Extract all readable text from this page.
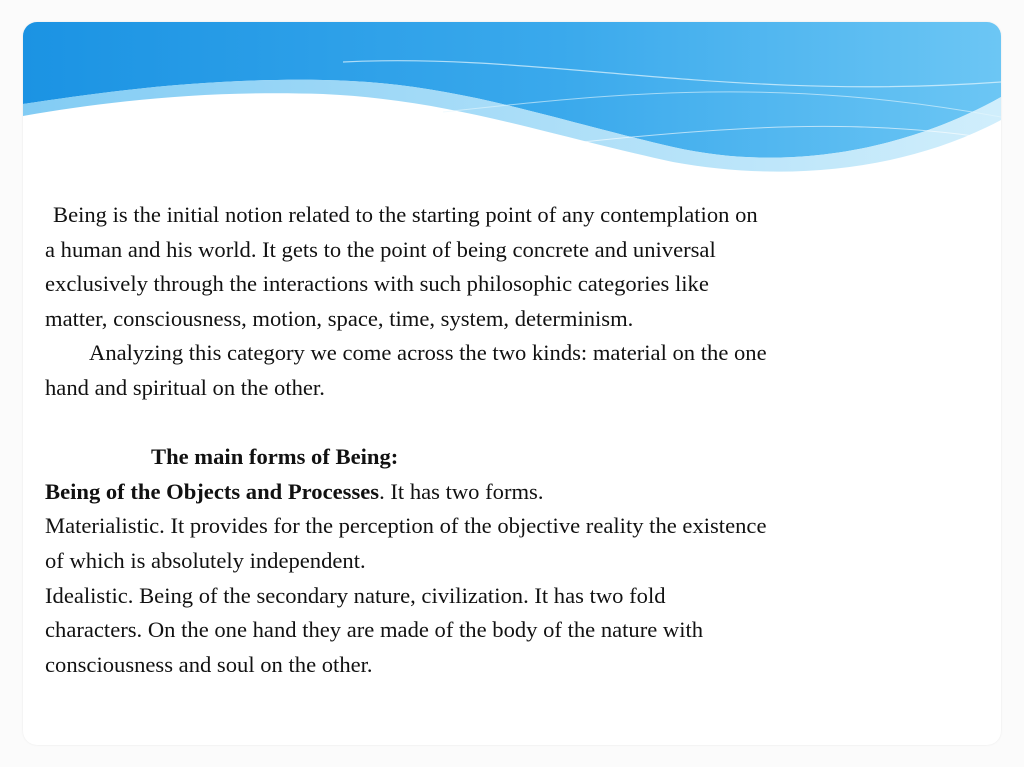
Being is the initial notion related to the starting point of any contemplation on
a human and his world. It gets to the point of being concrete and universal
exclusively through the interactions with such philosophic categories like
matter, consciousness, motion, space, time, system, determinism.
Analyzing this category we come across the two kinds: material on the one
hand and spiritual on the other.
The main forms of Being:
Being of the Objects and Processes. It has two forms.
Materialistic. It provides for the perception of the objective reality the existence
of which is absolutely independent.
Idealistic. Being of the secondary nature, civilization. It has two fold
characters. On the one hand they are made of the body of the nature with
consciousness and soul on the other.
